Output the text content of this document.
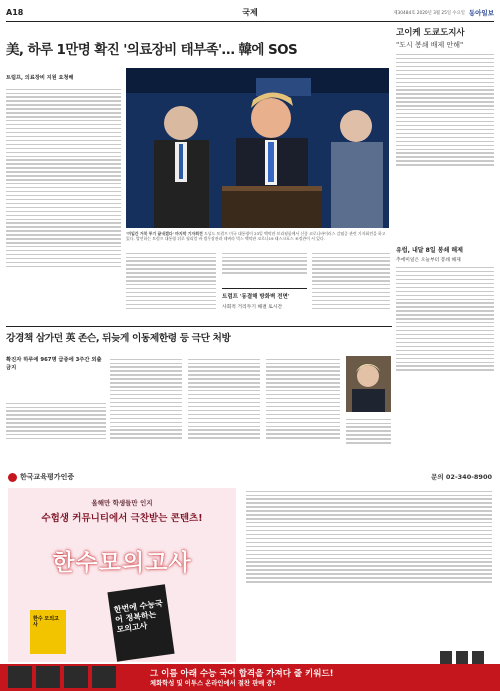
A18	국제	제30484호 2020년 3월 25일 수요일 동아일보
美, 하루 1만명 확진 '의료장비 태부족'… 韓에 SOS
트럼프, 의료장비 지원 요청해
'미일간 거북 투기 끝내겠다' 마지막 기자회견 도널드 트럼프 미국 대통령이 23일 백악관 브리핑룸에서 신종 코로나바이러스 감염증 관련 기자회견을 하고 있다. 발언하는 트럼프 대통령 뒤로 윌리엄 바 법무장관과 데버라 벅스 백악관 코로나19 태스크포스 조정관이 서 있다.
트럼프 '동결해 방화벽 전면'
사회적 거리두기 해결 토시간
고이케 도쿄도지사
"도시 봉쇄 배제 안해"
유럽, 내달 8일 봉쇄 해제
추에미일은 오늘부터 봉쇄 해제
강경책 삼가던 英 존슨, 뒤늦게 이동제한령 등 극단 처방
확진자 하루에 967명 급증에 3주간 외출 금지
한국교육평가인증	문의 02-340-8900
올해만 학생들만 인지
수험생 커뮤니티에서 극찬받는 콘텐츠!
한수모의고사
한수 모의고사
한번에 수능국어 정복하는 모의고사
그 이름 아래 수능 국어 합격을 가져다 줄 키워드!
체화학성 및 이투스 온라인에서 절찬 판매 중!
